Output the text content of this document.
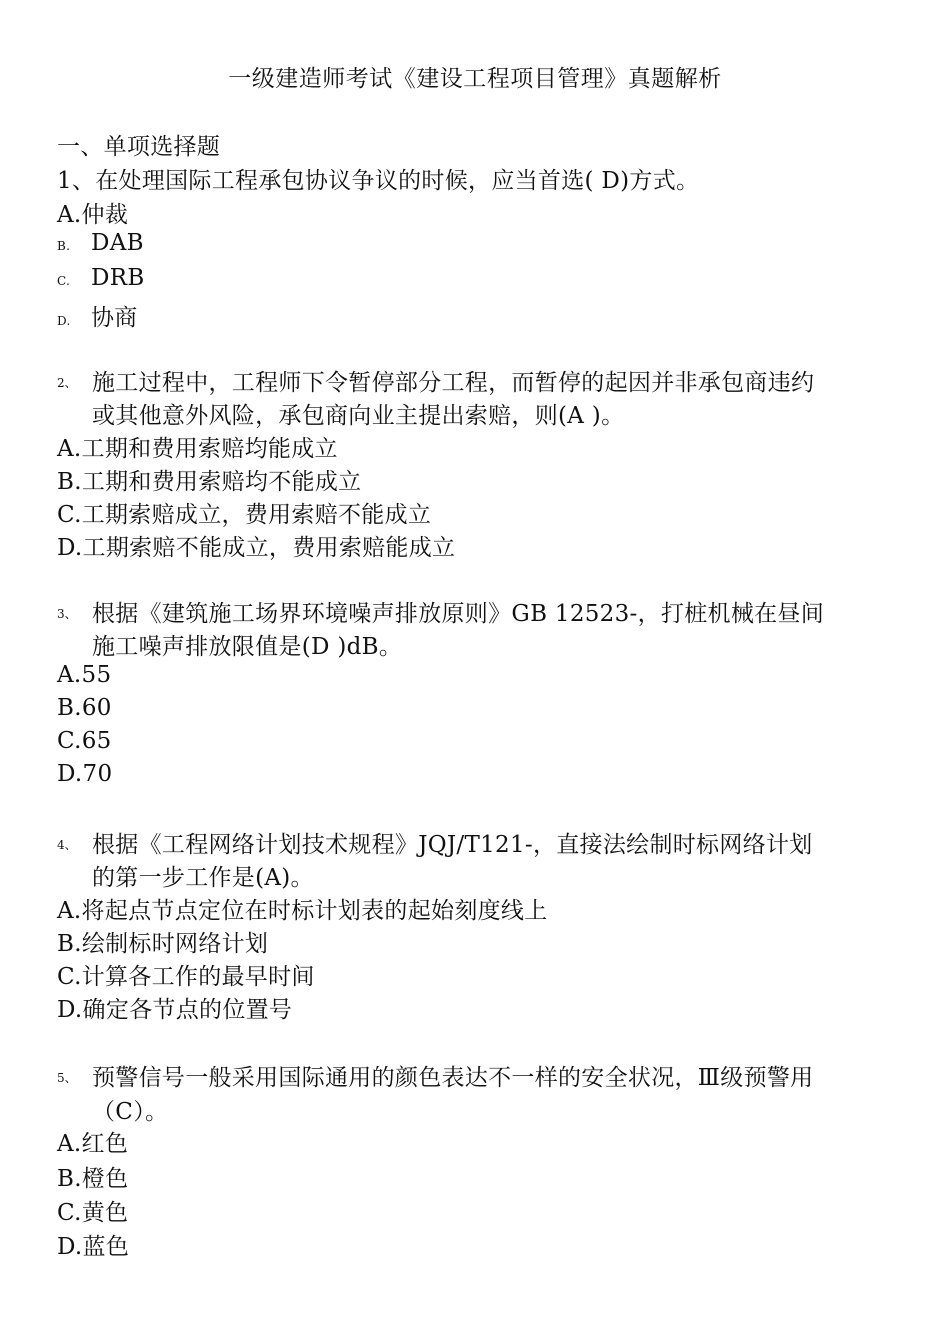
一级建造师考试《建设工程项目管理》真题解析
一、单项选择题
1、在处理国际工程承包协议争议的时候，应当首选( D)方式。
A.仲裁
B. DAB
C. DRB
D. 协商
2、 施工过程中，工程师下令暂停部分工程，而暂停的起因并非承包商违约
或其他意外风险，承包商向业主提出索赔，则(A )。
A.工期和费用索赔均能成立
B.工期和费用索赔均不能成立
C.工期索赔成立，费用索赔不能成立
D.工期索赔不能成立，费用索赔能成立
3、 根据《建筑施工场界环境噪声排放原则》GB 12523-，打桩机械在昼间
施工噪声排放限值是(D )dB。
A.55
B.60
C.65
D.70
4、 根据《工程网络计划技术规程》JQJ/T121-，直接法绘制时标网络计划
的第一步工作是(A)。
A.将起点节点定位在时标计划表的起始刻度线上
B.绘制标时网络计划
C.计算各工作的最早时间
D.确定各节点的位置号
5、 预警信号一般采用国际通用的颜色表达不一样的安全状况，Ⅲ级预警用
（C）。
A.红色
B.橙色
C.黄色
D.蓝色
